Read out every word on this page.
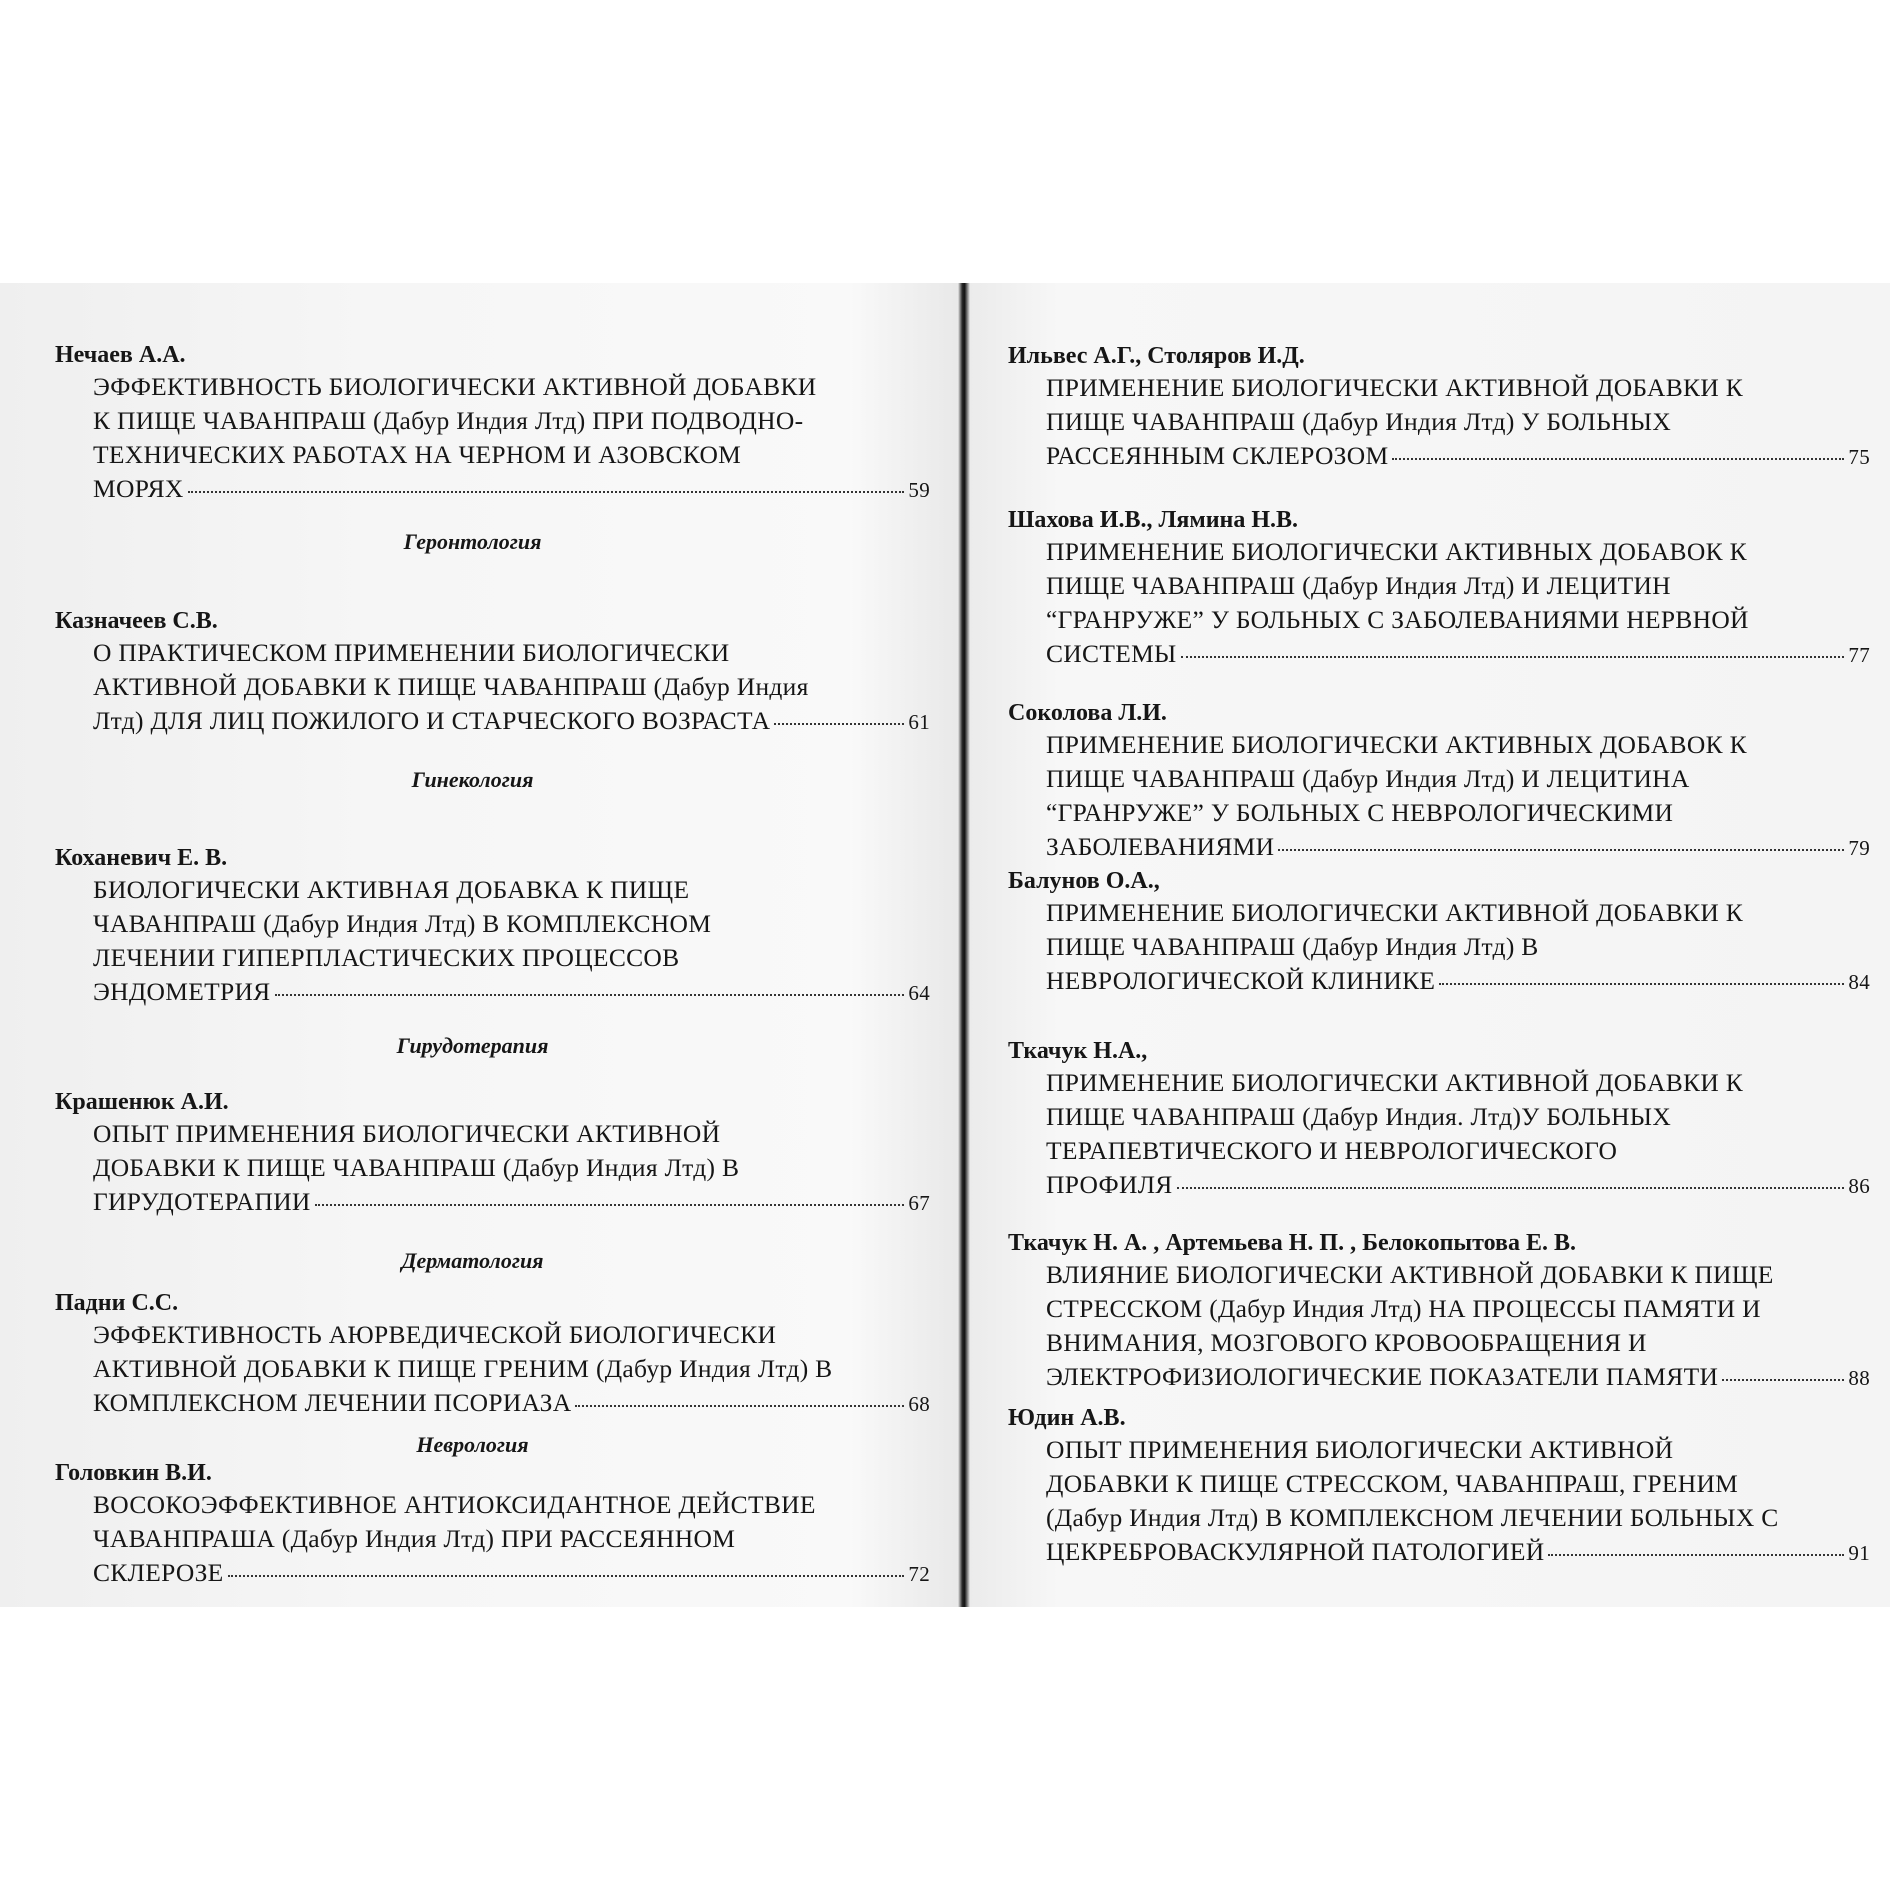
Нечаев А.А.
ЭФФЕКТИВНОСТЬ БИОЛОГИЧЕСКИ АКТИВНОЙ ДОБАВКИ
К ПИЩЕ ЧАВАНПРАШ (Дабур Индия Лтд) ПРИ ПОДВОДНО-
ТЕХНИЧЕСКИХ РАБОТАХ НА ЧЕРНОМ И АЗОВСКОМ
МОРЯХ	59
Геронтология
Казначеев С.В.
О ПРАКТИЧЕСКОМ ПРИМЕНЕНИИ БИОЛОГИЧЕСКИ
АКТИВНОЙ ДОБАВКИ К ПИЩЕ ЧАВАНПРАШ (Дабур Индия
Лтд) ДЛЯ ЛИЦ ПОЖИЛОГО И СТАРЧЕСКОГО ВОЗРАСТА	61
Гинекология
Коханевич Е. В.
БИОЛОГИЧЕСКИ АКТИВНАЯ ДОБАВКА К ПИЩЕ
ЧАВАНПРАШ (Дабур Индия Лтд) В КОМПЛЕКСНОМ
ЛЕЧЕНИИ ГИПЕРПЛАСТИЧЕСКИХ ПРОЦЕССОВ
ЭНДОМЕТРИЯ	64
Гирудотерапия
Крашенюк А.И.
ОПЫТ ПРИМЕНЕНИЯ БИОЛОГИЧЕСКИ АКТИВНОЙ
ДОБАВКИ К ПИЩЕ ЧАВАНПРАШ (Дабур Индия Лтд) В
ГИРУДОТЕРАПИИ	67
Дерматология
Падни С.С.
ЭФФЕКТИВНОСТЬ АЮРВЕДИЧЕСКОЙ БИОЛОГИЧЕСКИ
АКТИВНОЙ ДОБАВКИ К ПИЩЕ ГРЕНИМ (Дабур Индия Лтд) В
КОМПЛЕКСНОМ ЛЕЧЕНИИ ПСОРИАЗА	68
Неврология
Головкин В.И.
ВОСОКОЭФФЕКТИВНОЕ АНТИОКСИДАНТНОЕ ДЕЙСТВИЕ
ЧАВАНПРАША (Дабур Индия Лтд) ПРИ РАССЕЯННОМ
СКЛЕРОЗЕ	72
Ильвес А.Г., Столяров И.Д.
ПРИМЕНЕНИЕ БИОЛОГИЧЕСКИ АКТИВНОЙ ДОБАВКИ К
ПИЩЕ ЧАВАНПРАШ (Дабур Индия Лтд) У БОЛЬНЫХ
РАССЕЯННЫМ СКЛЕРОЗОМ	75
Шахова И.В., Лямина Н.В.
ПРИМЕНЕНИЕ БИОЛОГИЧЕСКИ АКТИВНЫХ ДОБАВОК К
ПИЩЕ ЧАВАНПРАШ (Дабур Индия Лтд) И ЛЕЦИТИН
“ГРАНРУЖЕ” У БОЛЬНЫХ С ЗАБОЛЕВАНИЯМИ НЕРВНОЙ
СИСТЕМЫ	77
Соколова Л.И.
ПРИМЕНЕНИЕ БИОЛОГИЧЕСКИ АКТИВНЫХ ДОБАВОК К
ПИЩЕ ЧАВАНПРАШ (Дабур Индия Лтд) И ЛЕЦИТИНА
“ГРАНРУЖЕ” У БОЛЬНЫХ С НЕВРОЛОГИЧЕСКИМИ
ЗАБОЛЕВАНИЯМИ	79
Балунов О.А.,
ПРИМЕНЕНИЕ БИОЛОГИЧЕСКИ АКТИВНОЙ ДОБАВКИ К
ПИЩЕ ЧАВАНПРАШ (Дабур Индия Лтд) В
НЕВРОЛОГИЧЕСКОЙ КЛИНИКЕ	84
Ткачук Н.А.,
ПРИМЕНЕНИЕ БИОЛОГИЧЕСКИ АКТИВНОЙ ДОБАВКИ К
ПИЩЕ ЧАВАНПРАШ (Дабур Индия. Лтд)У БОЛЬНЫХ
ТЕРАПЕВТИЧЕСКОГО И НЕВРОЛОГИЧЕСКОГО
ПРОФИЛЯ	86
Ткачук Н. А. , Артемьева Н. П. , Белокопытова Е. В.
ВЛИЯНИЕ БИОЛОГИЧЕСКИ АКТИВНОЙ ДОБАВКИ К ПИЩЕ
СТРЕССКОМ (Дабур Индия Лтд) НА ПРОЦЕССЫ ПАМЯТИ И
ВНИМАНИЯ, МОЗГОВОГО КРОВООБРАЩЕНИЯ И
ЭЛЕКТРОФИЗИОЛОГИЧЕСКИЕ ПОКАЗАТЕЛИ ПАМЯТИ	88
Юдин А.В.
ОПЫТ ПРИМЕНЕНИЯ БИОЛОГИЧЕСКИ АКТИВНОЙ
ДОБАВКИ К ПИЩЕ СТРЕССКОМ, ЧАВАНПРАШ, ГРЕНИМ
(Дабур Индия Лтд) В КОМПЛЕКСНОМ ЛЕЧЕНИИ БОЛЬНЫХ С
ЦЕКРЕБРОВАСКУЛЯРНОЙ ПАТОЛОГИЕЙ	91
